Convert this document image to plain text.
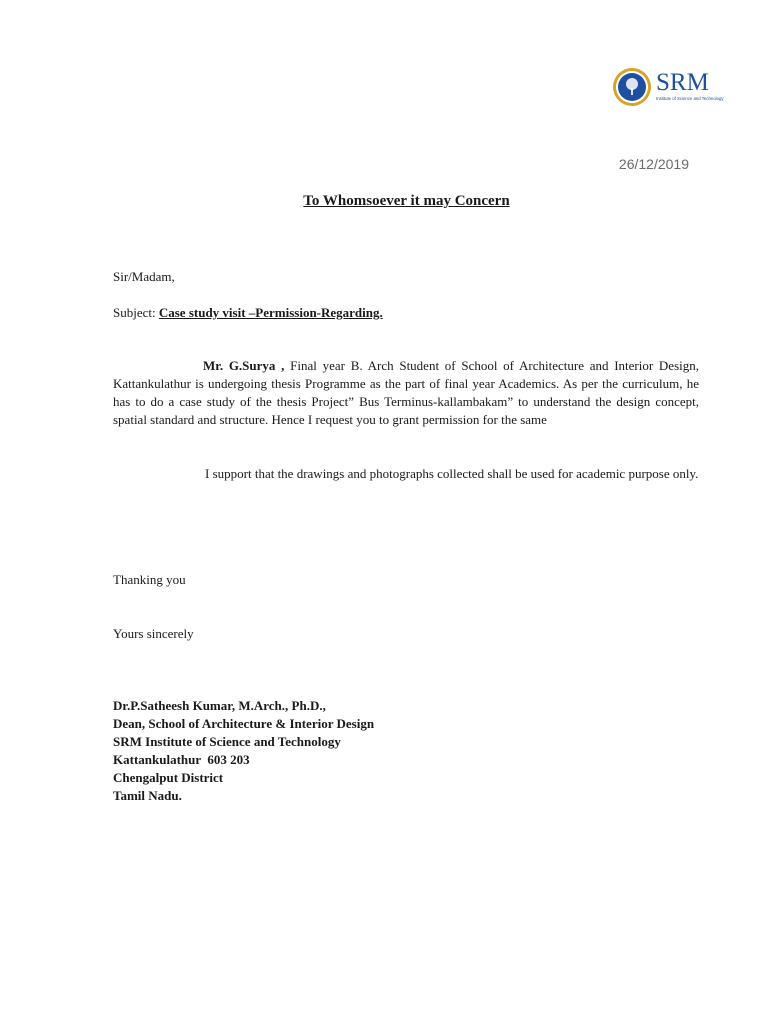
SRM
Institute of Science and Technology
26/12/2019
To Whomsoever it may Concern
Sir/Madam,
Subject: Case study visit –Permission-Regarding.
Mr. G.Surya , Final year B. Arch Student of School of Architecture and Interior Design, Kattankulathur is undergoing thesis Programme as the part of final year Academics. As per the curriculum, he has to do a case study of the thesis Project” Bus Terminus-kallambakam” to understand the design concept, spatial standard and structure. Hence I request you to grant permission for the same
I support that the drawings and photographs collected shall be used for academic purpose only.
Thanking you
Yours sincerely
Dr.P.Satheesh Kumar, M.Arch., Ph.D.,
Dean, School of Architecture & Interior Design
SRM Institute of Science and Technology
Kattankulathur  603 203
Chengalput District
Tamil Nadu.
